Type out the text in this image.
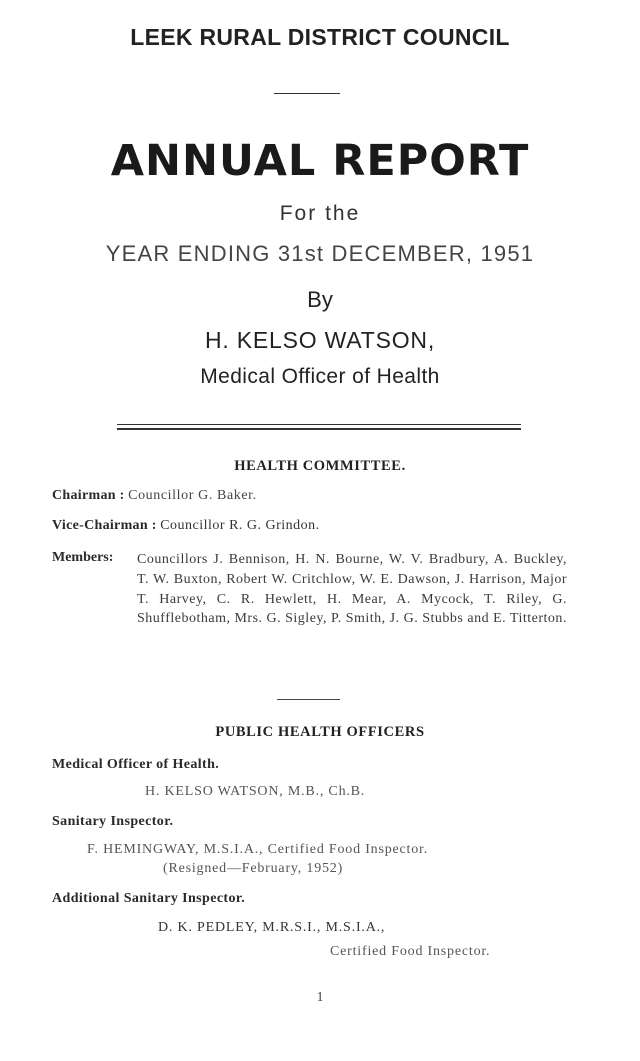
LEEK RURAL DISTRICT COUNCIL
ANNUAL REPORT
For the
YEAR ENDING 31st DECEMBER, 1951
By
H. KELSO WATSON,
Medical Officer of Health
HEALTH COMMITTEE.
Chairman : Councillor G. Baker.
Vice-Chairman : Councillor R. G. Grindon.
Members: Councillors J. Bennison, H. N. Bourne, W. V. Bradbury, A. Buckley, T. W. Buxton, Robert W. Critchlow, W. E. Dawson, J. Harrison, Major T. Harvey, C. R. Hewlett, H. Mear, A. Mycock, T. Riley, G. Shufflebotham, Mrs. G. Sigley, P. Smith, J. G. Stubbs and E. Titterton.
PUBLIC HEALTH OFFICERS
Medical Officer of Health.
H. KELSO WATSON, M.B., Ch.B.
Sanitary Inspector.
F. HEMINGWAY, M.S.I.A., Certified Food Inspector.
(Resigned—February, 1952)
Additional Sanitary Inspector.
D. K. PEDLEY, M.R.S.I., M.S.I.A.,
Certified Food Inspector.
1
